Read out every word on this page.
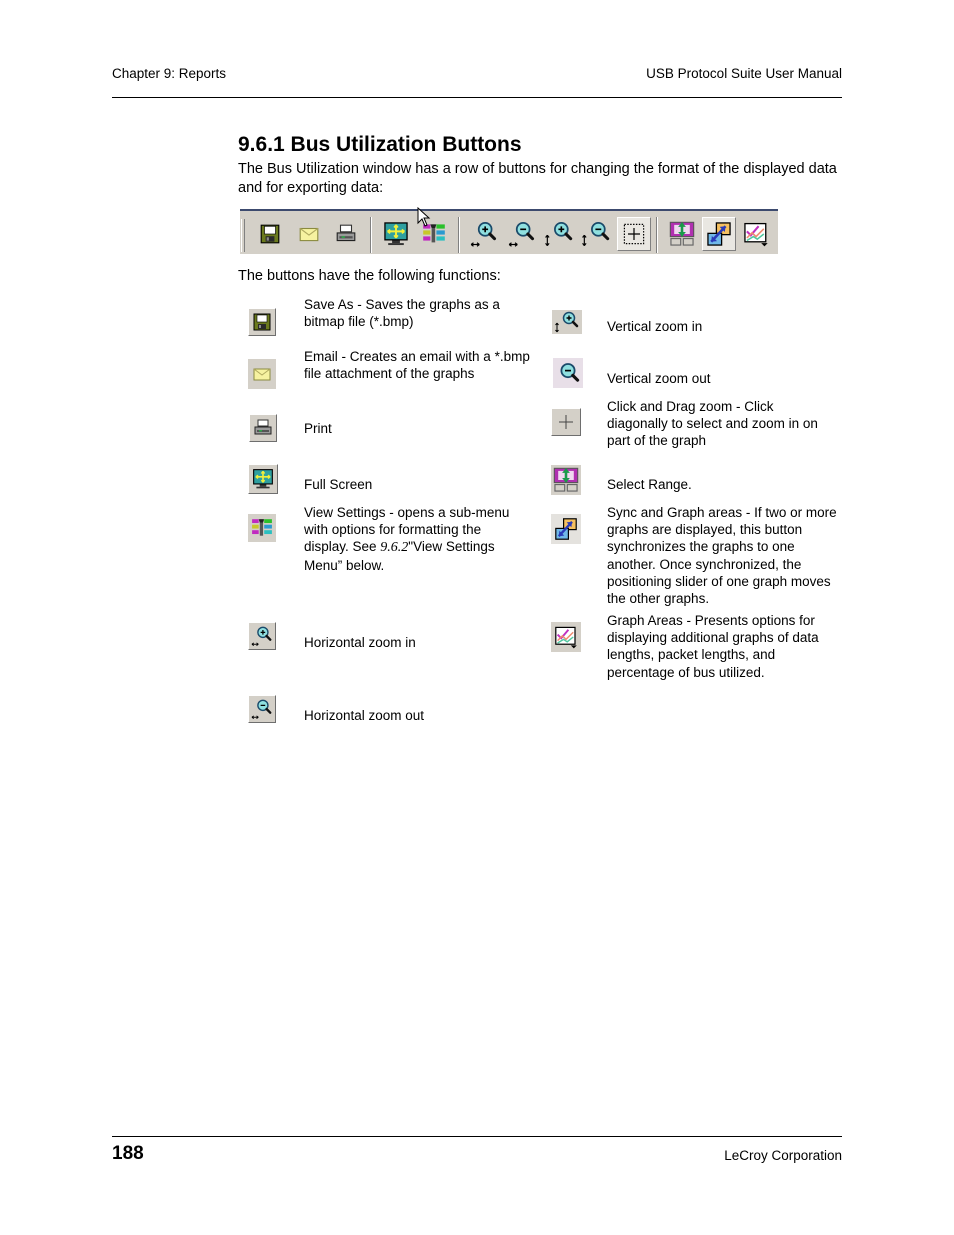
Chapter 9: Reports	USB Protocol Suite User Manual
9.6.1 Bus Utilization Buttons
The Bus Utilization window has a row of buttons for changing the format of the displayed data and for exporting data:
The buttons have the following functions:
Save As - Saves the graphs as a bitmap file (*.bmp)
Email - Creates an email with a *.bmp file attachment of the graphs
Print
Full Screen
View Settings - opens a sub-menu with options for formatting the display. See 9.6.2"View Settings Menu” below.
Horizontal zoom in
Horizontal zoom out
Vertical zoom in
Vertical zoom out
Click and Drag zoom - Click diagonally to select and zoom in on part of the graph
Select Range.
Sync and Graph areas - If two or more graphs are displayed, this button synchronizes the graphs to one another. Once synchronized, the positioning slider of one graph moves the other graphs.
Graph Areas - Presents options for displaying additional graphs of data lengths, packet lengths, and percentage of bus utilized.
188	LeCroy Corporation
